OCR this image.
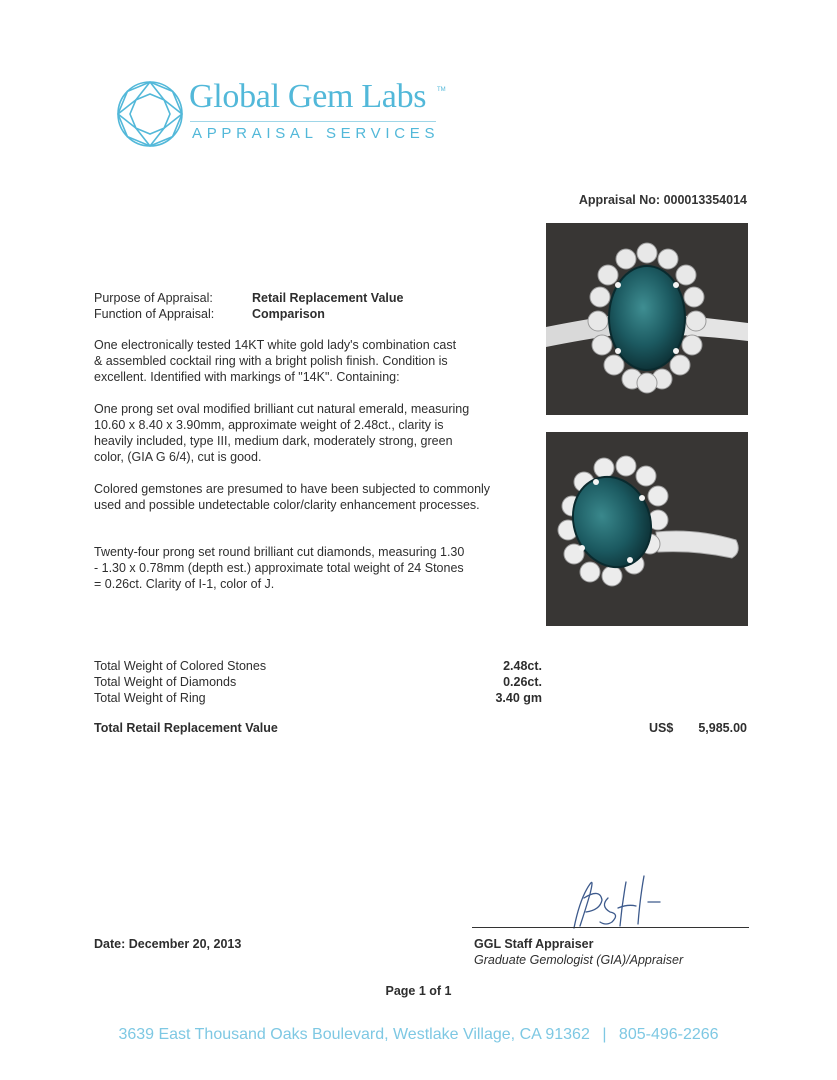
Global Gem Labs TM
APPRAISAL SERVICES
Appraisal No: 000013354014
Purpose of Appraisal:	Retail Replacement Value
Function of Appraisal:	Comparison
One electronically tested 14KT white gold lady's combination cast
& assembled cocktail ring with a bright polish finish. Condition is
excellent. Identified with markings of "14K". Containing:
One prong set oval modified brilliant cut natural emerald, measuring
10.60 x 8.40 x 3.90mm, approximate weight of 2.48ct., clarity is
heavily included, type III, medium dark, moderately strong, green
color, (GIA G 6/4), cut is good.
Colored gemstones are presumed to have been subjected to commonly
used and possible undetectable color/clarity enhancement processes.
Twenty-four prong set round brilliant cut diamonds, measuring 1.30
- 1.30 x 0.78mm (depth est.) approximate total weight of 24 Stones
= 0.26ct. Clarity of I-1, color of J.
Total Weight of Colored Stones	2.48ct.
Total Weight of Diamonds	0.26ct.
Total Weight of Ring	3.40 gm
Total Retail Replacement Value	US$ 5,985.00
Date: December 20, 2013	GGL Staff Appraiser
Graduate Gemologist (GIA)/Appraiser
Page 1 of 1
3639 East Thousand Oaks Boulevard, Westlake Village, CA 91362 | 805-496-2266
